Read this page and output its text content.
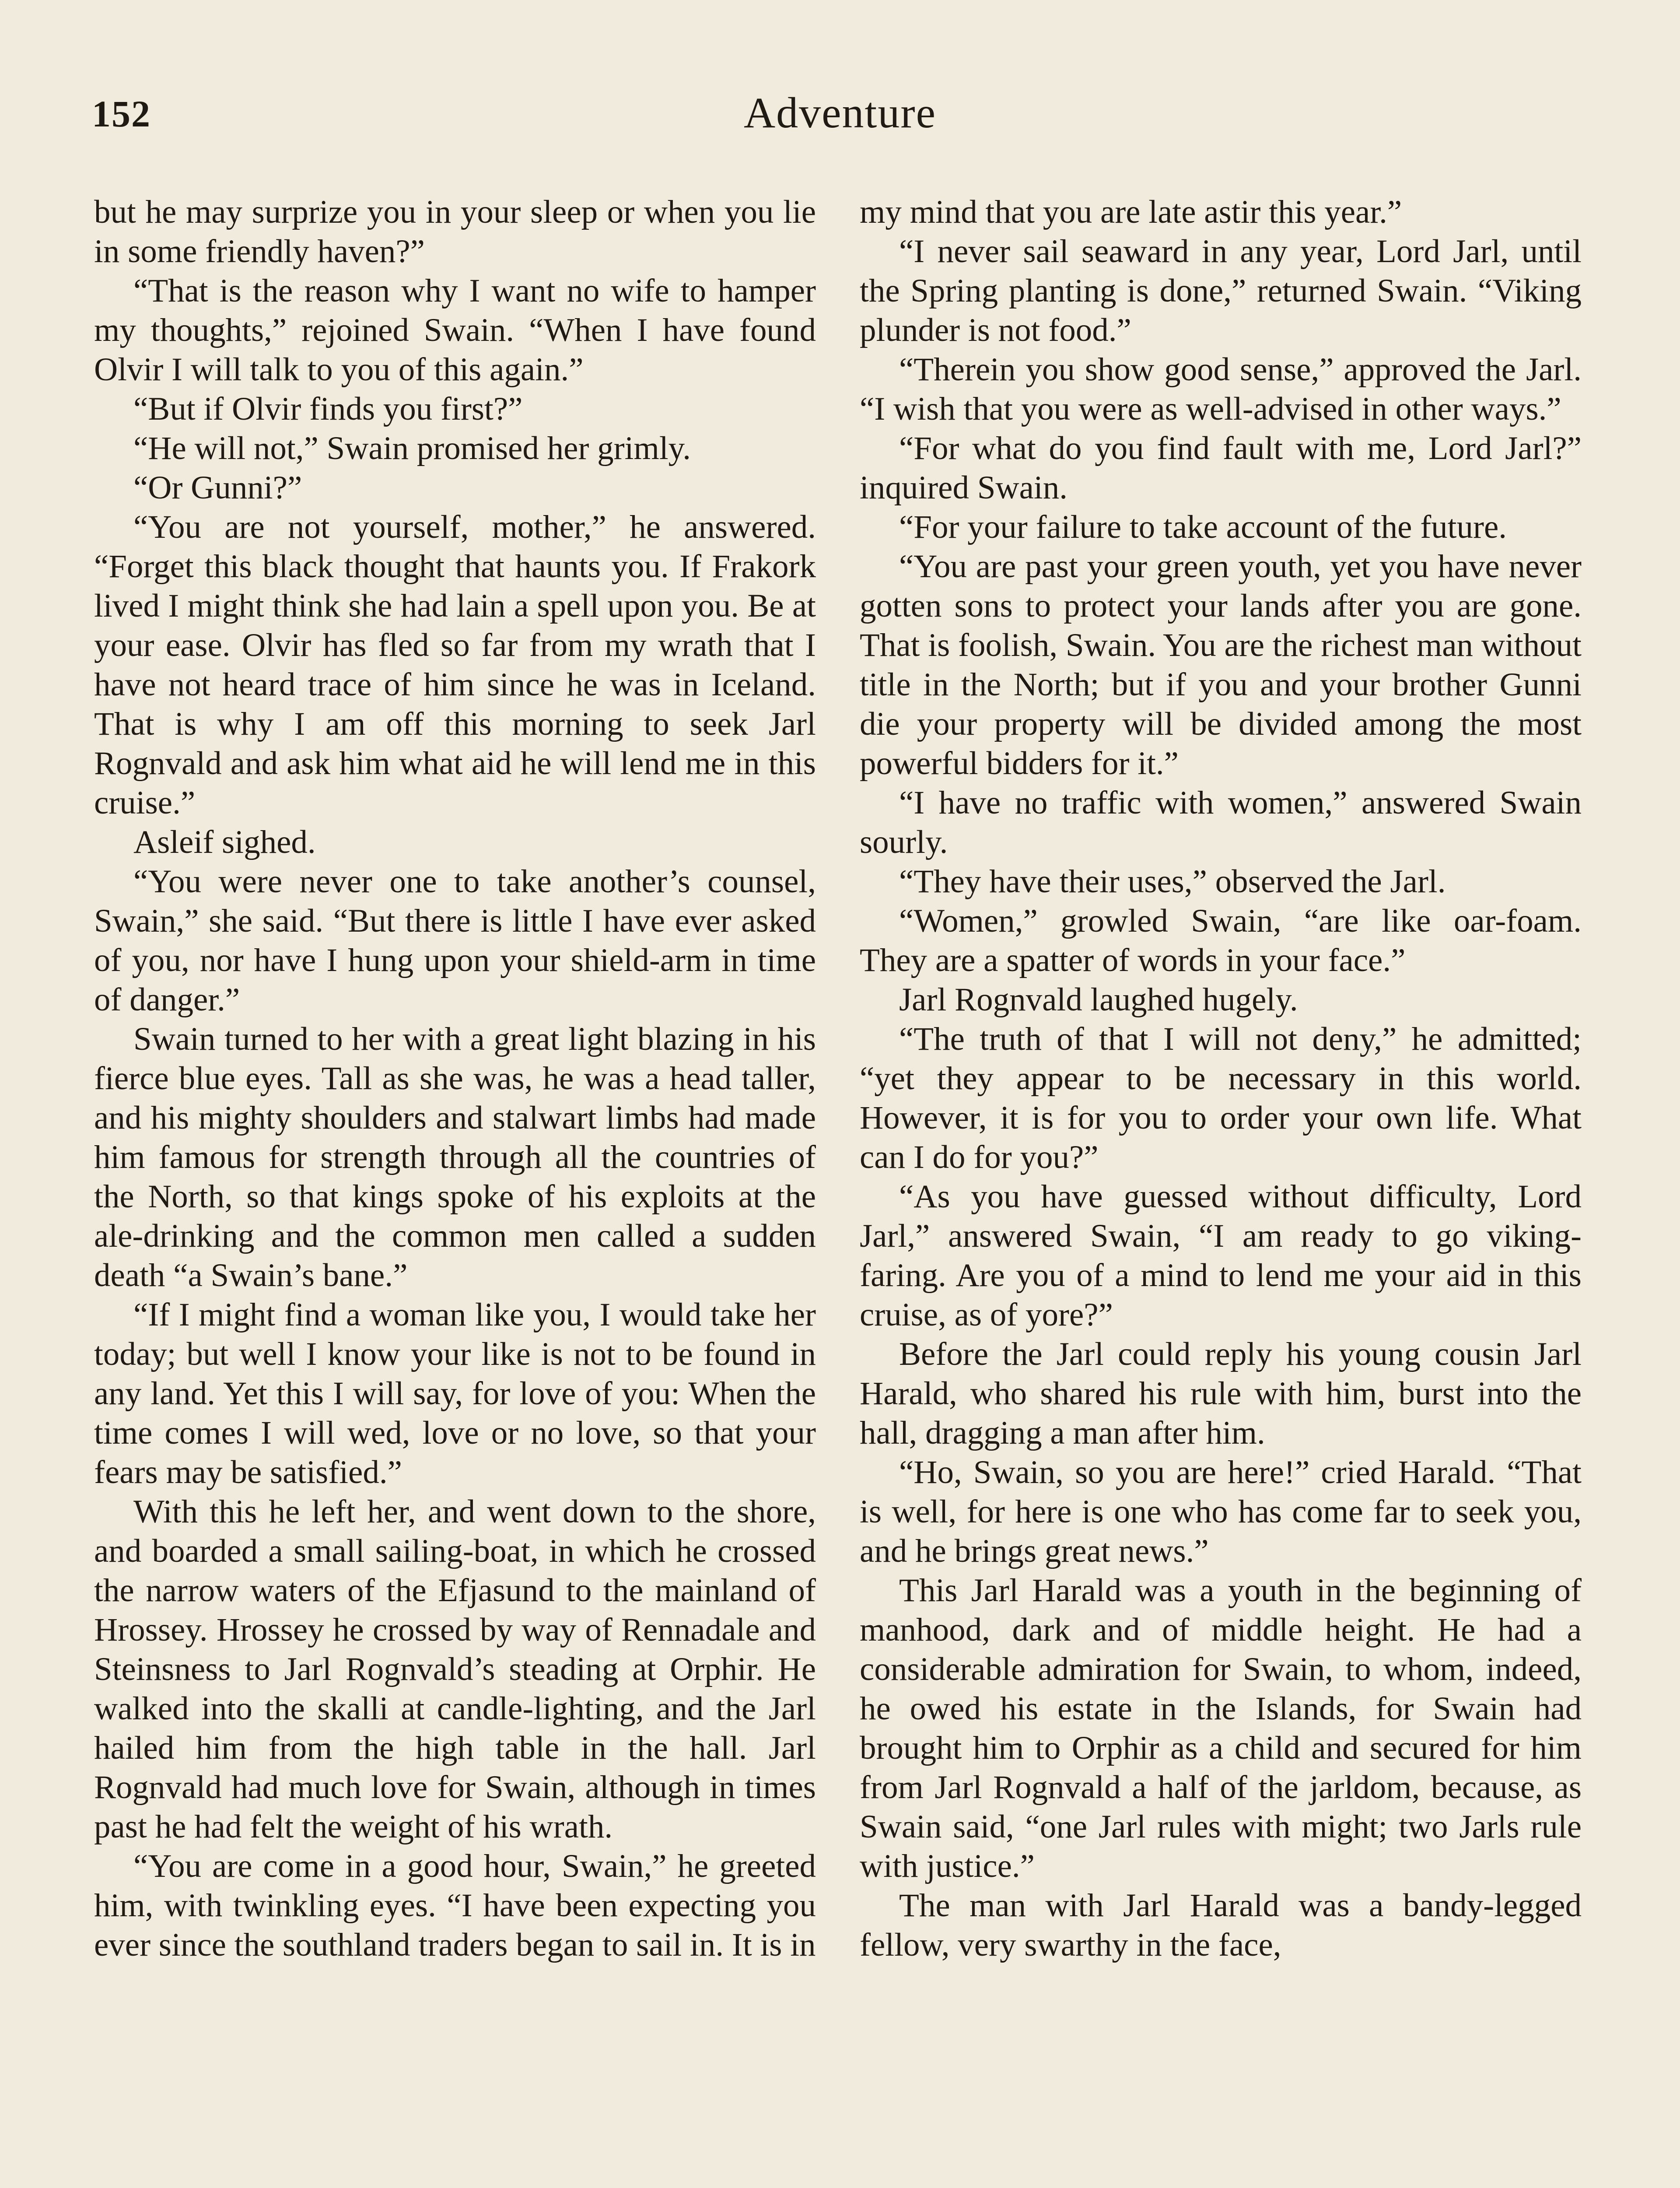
152	Adventure

but he may surprize you in your sleep or when you lie in some friendly haven?”

“That is the reason why I want no wife to hamper my thoughts,” rejoined Swain. “When I have found Olvir I will talk to you of this again.”

“But if Olvir finds you first?”

“He will not,” Swain promised her grimly.

“Or Gunni?”

“You are not yourself, mother,” he answered. “Forget this black thought that haunts you. If Frakork lived I might think she had lain a spell upon you. Be at your ease. Olvir has fled so far from my wrath that I have not heard trace of him since he was in Iceland. That is why I am off this morning to seek Jarl Rognvald and ask him what aid he will lend me in this cruise.”

Asleif sighed.

“You were never one to take another’s counsel, Swain,” she said. “But there is little I have ever asked of you, nor have I hung upon your shield-arm in time of danger.”

Swain turned to her with a great light blazing in his fierce blue eyes. Tall as she was, he was a head taller, and his mighty shoulders and stalwart limbs had made him famous for strength through all the countries of the North, so that kings spoke of his exploits at the ale-drinking and the common men called a sudden death “a Swain’s bane.”

“If I might find a woman like you, I would take her today; but well I know your like is not to be found in any land. Yet this I will say, for love of you: When the time comes I will wed, love or no love, so that your fears may be satisfied.”

With this he left her, and went down to the shore, and boarded a small sailing-boat, in which he crossed the narrow waters of the Efjasund to the mainland of Hrossey. Hrossey he crossed by way of Rennadale and Steinsness to Jarl Rognvald’s steading at Orphir. He walked into the skalli at candle-lighting, and the Jarl hailed him from the high table in the hall. Jarl Rognvald had much love for Swain, although in times past he had felt the weight of his wrath.

“You are come in a good hour, Swain,” he greeted him, with twinkling eyes. “I have been expecting you ever since the southland traders began to sail in. It is in

my mind that you are late astir this year.”

“I never sail seaward in any year, Lord Jarl, until the Spring planting is done,” returned Swain. “Viking plunder is not food.”

“Therein you show good sense,” approved the Jarl. “I wish that you were as well-advised in other ways.”

“For what do you find fault with me, Lord Jarl?” inquired Swain.

“For your failure to take account of the future.

“You are past your green youth, yet you have never gotten sons to protect your lands after you are gone. That is foolish, Swain. You are the richest man without title in the North; but if you and your brother Gunni die your property will be divided among the most powerful bidders for it.”

“I have no traffic with women,” answered Swain sourly.

“They have their uses,” observed the Jarl.

“Women,” growled Swain, “are like oar-foam. They are a spatter of words in your face.”

Jarl Rognvald laughed hugely.

“The truth of that I will not deny,” he admitted; “yet they appear to be necessary in this world. However, it is for you to order your own life. What can I do for you?”

“As you have guessed without difficulty, Lord Jarl,” answered Swain, “I am ready to go viking-faring. Are you of a mind to lend me your aid in this cruise, as of yore?”

Before the Jarl could reply his young cousin Jarl Harald, who shared his rule with him, burst into the hall, dragging a man after him.

“Ho, Swain, so you are here!” cried Harald. “That is well, for here is one who has come far to seek you, and he brings great news.”

This Jarl Harald was a youth in the beginning of manhood, dark and of middle height. He had a considerable admiration for Swain, to whom, indeed, he owed his estate in the Islands, for Swain had brought him to Orphir as a child and secured for him from Jarl Rognvald a half of the jarldom, because, as Swain said, “one Jarl rules with might; two Jarls rule with justice.”

The man with Jarl Harald was a bandy-legged fellow, very swarthy in the face,
